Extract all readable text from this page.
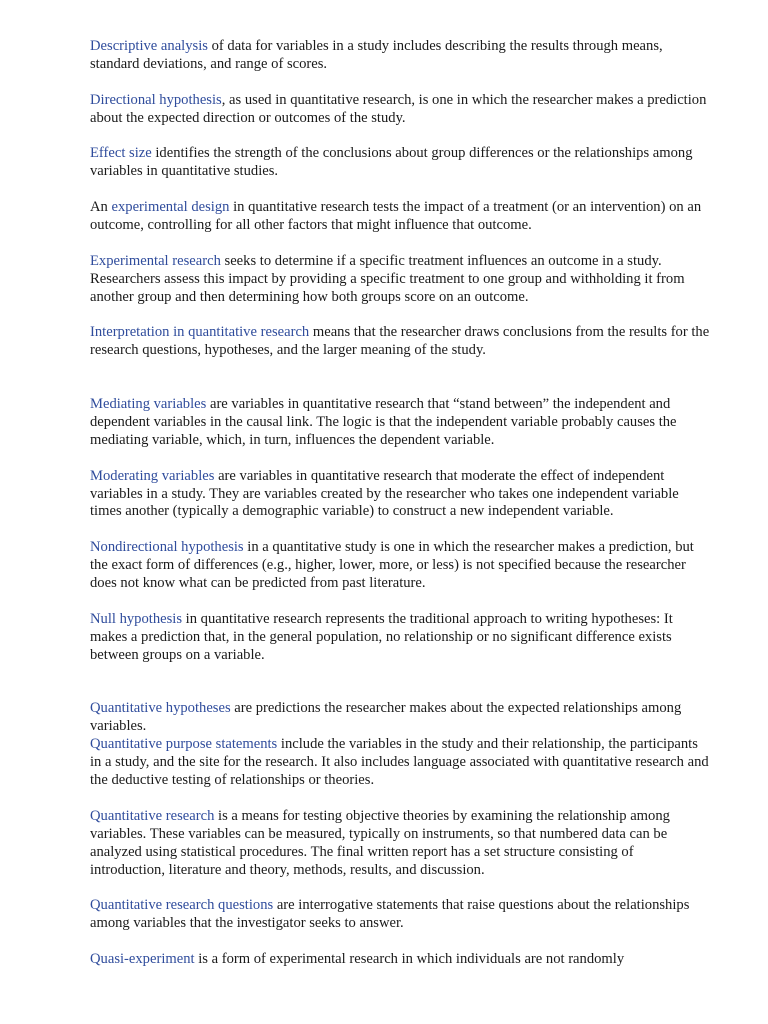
Descriptive analysis of data for variables in a study includes describing the results through means, standard deviations, and range of scores.

Directional hypothesis, as used in quantitative research, is one in which the researcher makes a prediction about the expected direction or outcomes of the study.

Effect size identifies the strength of the conclusions about group differences or the relationships among variables in quantitative studies.

An experimental design in quantitative research tests the impact of a treatment (or an intervention) on an outcome, controlling for all other factors that might influence that outcome.

Experimental research seeks to determine if a specific treatment influences an outcome in a study. Researchers assess this impact by providing a specific treatment to one group and withholding it from another group and then determining how both groups score on an outcome.

Interpretation in quantitative research means that the researcher draws conclusions from the results for the research questions, hypotheses, and the larger meaning of the study.

Mediating variables are variables in quantitative research that “stand between” the independent and dependent variables in the causal link. The logic is that the independent variable probably causes the mediating variable, which, in turn, influences the dependent variable.

Moderating variables are variables in quantitative research that moderate the effect of independent variables in a study. They are variables created by the researcher who takes one independent variable times another (typically a demographic variable) to construct a new independent variable.

Nondirectional hypothesis in a quantitative study is one in which the researcher makes a prediction, but the exact form of differences (e.g., higher, lower, more, or less) is not specified because the researcher does not know what can be predicted from past literature.

Null hypothesis in quantitative research represents the traditional approach to writing hypotheses: It makes a prediction that, in the general population, no relationship or no significant difference exists between groups on a variable.

Quantitative hypotheses are predictions the researcher makes about the expected relationships among variables.

Quantitative purpose statements include the variables in the study and their relationship, the participants in a study, and the site for the research. It also includes language associated with quantitative research and the deductive testing of relationships or theories.

Quantitative research is a means for testing objective theories by examining the relationship among variables. These variables can be measured, typically on instruments, so that numbered data can be analyzed using statistical procedures. The final written report has a set structure consisting of introduction, literature and theory, methods, results, and discussion.

Quantitative research questions are interrogative statements that raise questions about the relationships among variables that the investigator seeks to answer.

Quasi-experiment is a form of experimental research in which individuals are not randomly
